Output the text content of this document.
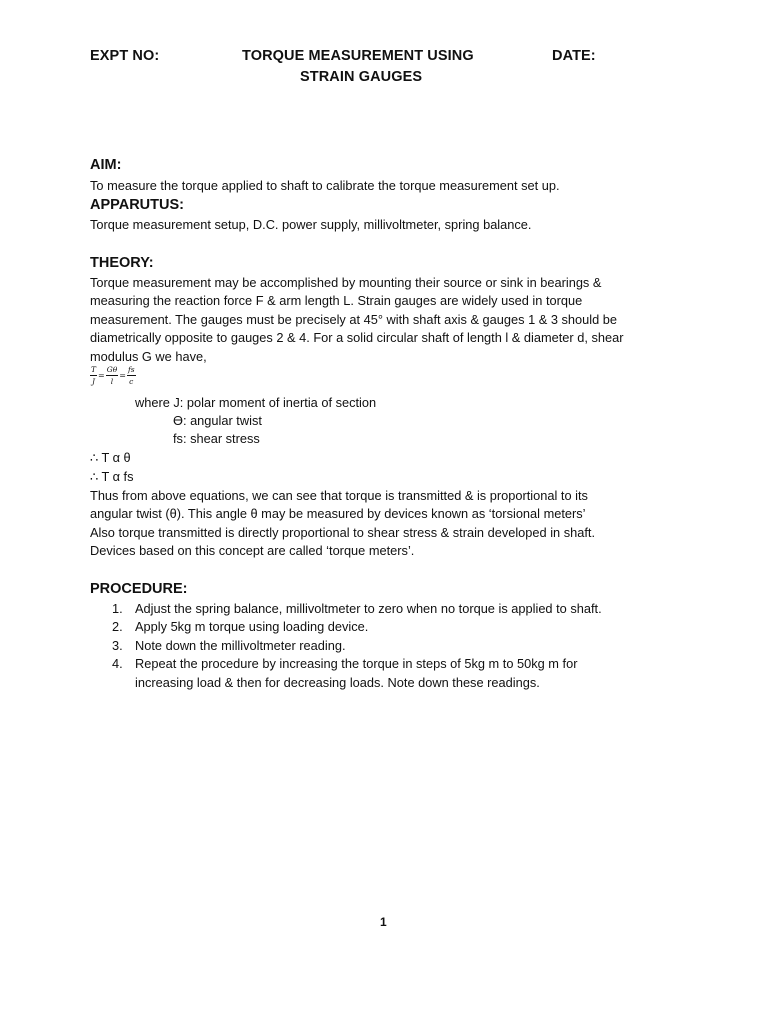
EXPT NO:	TORQUE MEASUREMENT USING
STRAIN GAUGES
DATE:
AIM:
To measure the torque applied to shaft to calibrate the torque measurement set up.
APPARUTUS:
Torque measurement setup, D.C. power supply, millivoltmeter, spring balance.
THEORY:
Torque measurement may be accomplished by mounting their source or sink in bearings &
measuring the reaction force F & arm length L. Strain gauges are widely used in torque
measurement. The gauges must be precisely at 45° with shaft axis & gauges 1 & 3 should be
diametrically opposite to gauges 2 & 4. For a solid circular shaft of length l & diameter d, shear
modulus G we have,
$\frac{T}{J} = \frac{G\theta}{l} = \frac{fs}{c}$
where J: polar moment of inertia of section
ϴ: angular twist
fs: shear stress
∴ T α θ
∴ T α fs
Thus from above equations, we can see that torque is transmitted & is proportional to its
angular twist (θ). This angle θ may be measured by devices known as ‘torsional meters’
Also torque transmitted is directly proportional to shear stress & strain developed in shaft.
Devices based on this concept are called ‘torque meters’.
PROCEDURE:
1. Adjust the spring balance, millivoltmeter to zero when no torque is applied to shaft.
2. Apply 5kg m torque using loading device.
3. Note down the millivoltmeter reading.
4. Repeat the procedure by increasing the torque in steps of 5kg m to 50kg m for
increasing load & then for decreasing loads. Note down these readings.
1
